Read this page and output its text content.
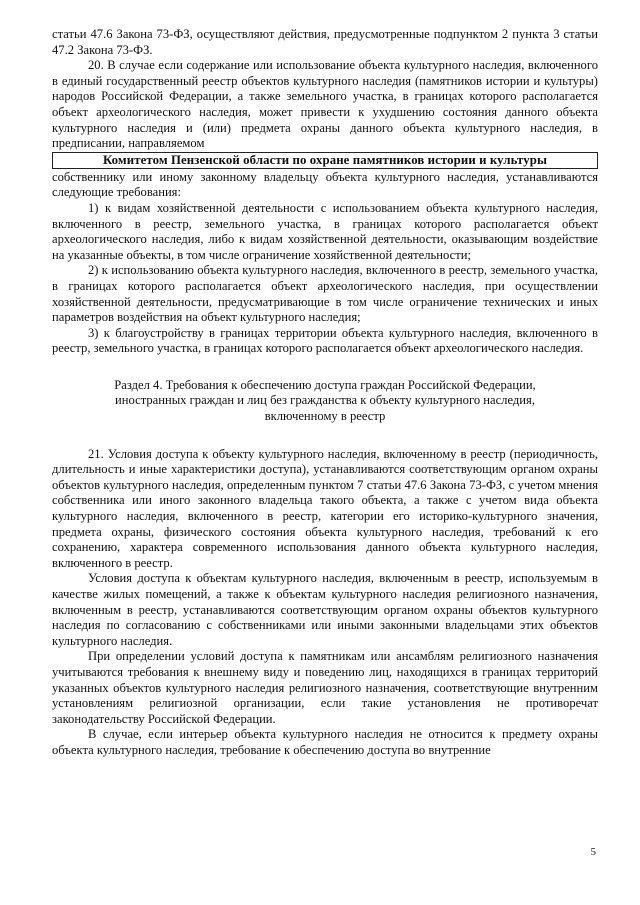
статьи 47.6 Закона 73-ФЗ, осуществляют действия, предусмотренные подпунктом 2 пункта 3 статьи 47.2 Закона 73-ФЗ.

20. В случае если содержание или использование объекта культурного наследия, включенного в единый государственный реестр объектов культурного наследия (памятников истории и культуры) народов Российской Федерации, а также земельного участка, в границах которого располагается объект археологического наследия, может привести к ухудшению состояния данного объекта культурного наследия и (или) предмета охраны данного объекта культурного наследия, в предписании, направляемом

Комитетом Пензенской области по охране памятников истории и культуры

собственнику или иному законному владельцу объекта культурного наследия, устанавливаются следующие требования:

1) к видам хозяйственной деятельности с использованием объекта культурного наследия, включенного в реестр, земельного участка, в границах которого располагается объект археологического наследия, либо к видам хозяйственной деятельности, оказывающим воздействие на указанные объекты, в том числе ограничение хозяйственной деятельности;

2) к использованию объекта культурного наследия, включенного в реестр, земельного участка, в границах которого располагается объект археологического наследия, при осуществлении хозяйственной деятельности, предусматривающие в том числе ограничение технических и иных параметров воздействия на объект культурного наследия;

3) к благоустройству в границах территории объекта культурного наследия, включенного в реестр, земельного участка, в границах которого располагается объект археологического наследия.

Раздел 4. Требования к обеспечению доступа граждан Российской Федерации,
иностранных граждан и лиц без гражданства к объекту культурного наследия,
включенному в реестр

21. Условия доступа к объекту культурного наследия, включенному в реестр (периодичность, длительность и иные характеристики доступа), устанавливаются соответствующим органом охраны объектов культурного наследия, определенным пунктом 7 статьи 47.6 Закона 73-ФЗ, с учетом мнения собственника или иного законного владельца такого объекта, а также с учетом вида объекта культурного наследия, включенного в реестр, категории его историко-культурного значения, предмета охраны, физического состояния объекта культурного наследия, требований к его сохранению, характера современного использования данного объекта культурного наследия, включенного в реестр.

Условия доступа к объектам культурного наследия, включенным в реестр, используемым в качестве жилых помещений, а также к объектам культурного наследия религиозного назначения, включенным в реестр, устанавливаются соответствующим органом охраны объектов культурного наследия по согласованию с собственниками или иными законными владельцами этих объектов культурного наследия.

При определении условий доступа к памятникам или ансамблям религиозного назначения учитываются требования к внешнему виду и поведению лиц, находящихся в границах территорий указанных объектов культурного наследия религиозного назначения, соответствующие внутренним установлениям религиозной организации, если такие установления не противоречат законодательству Российской Федерации.

В случае, если интерьер объекта культурного наследия не относится к предмету охраны объекта культурного наследия, требование к обеспечению доступа во внутренние

5
